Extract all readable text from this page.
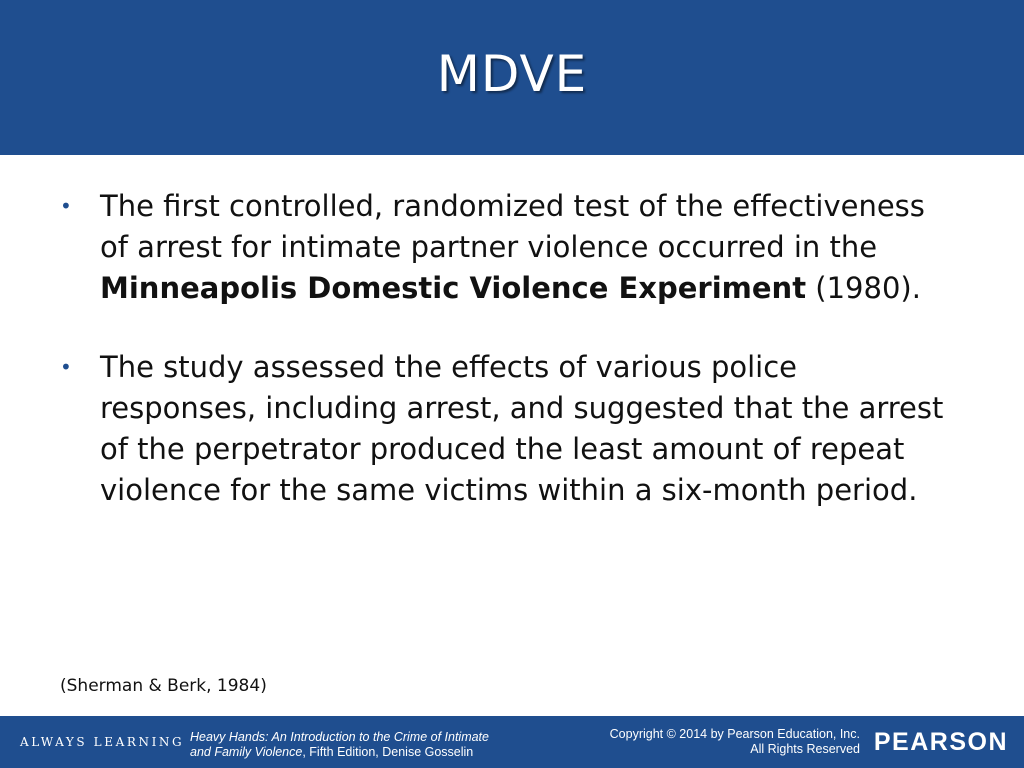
MDVE
• The first controlled, randomized test of the effectiveness of arrest for intimate partner violence occurred in the Minneapolis Domestic Violence Experiment (1980).
• The study assessed the effects of various police responses, including arrest, and suggested that the arrest of the perpetrator produced the least amount of repeat violence for the same victims within a six-month period.
(Sherman & Berk, 1984)
ALWAYS LEARNING Heavy Hands: An Introduction to the Crime of Intimate
and Family Violence, Fifth Edition, Denise Gosselin
Copyright © 2014 by Pearson Education, Inc.
All Rights Reserved PEARSON
